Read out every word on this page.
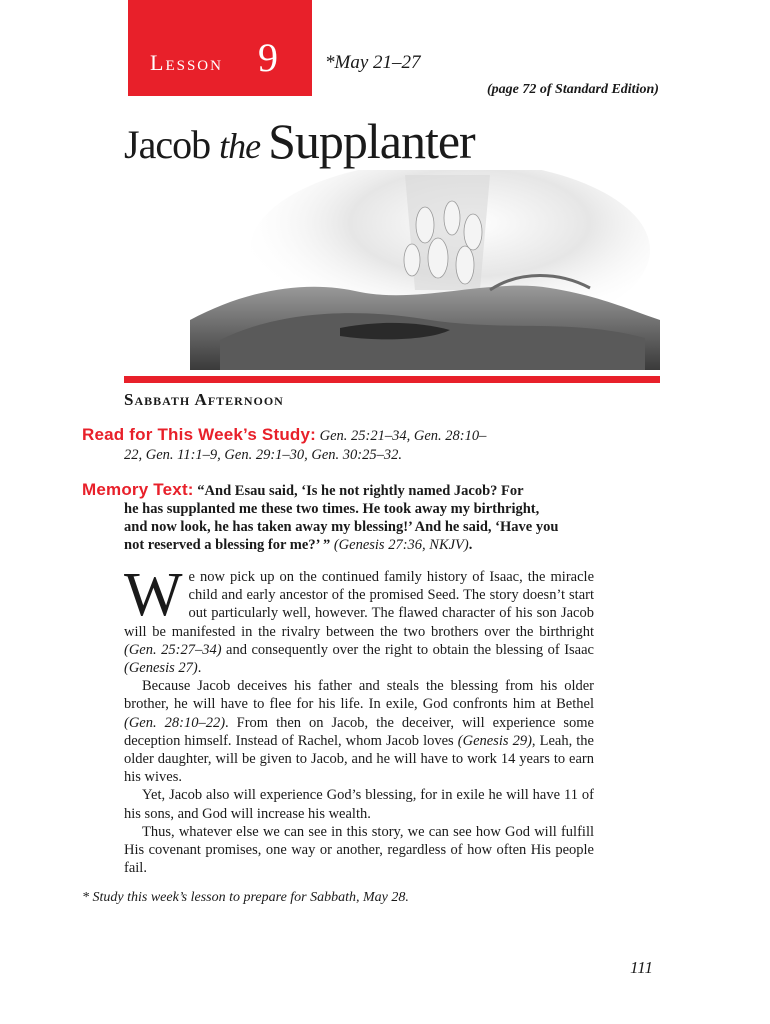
Lesson 9 *May 21–27
(page 72 of Standard Edition)
Jacob the Supplanter
Sabbath Afternoon
Read for This Week’s Study: Gen. 25:21–34, Gen. 28:10–
22, Gen. 11:1–9, Gen. 29:1–30, Gen. 30:25–32.
Memory Text: “And Esau said, ‘Is he not rightly named Jacob? For
he has supplanted me these two times. He took away my birthright,
and now look, he has taken away my blessing!’ And he said, ‘Have you
not reserved a blessing for me?’ ” (Genesis 27:36, NKJV).

We now pick up on the continued family history of Isaac, the miracle child and early ancestor of the promised Seed. The story doesn’t start out particularly well, however. The flawed character of his son Jacob will be manifested in the rivalry between the two brothers over the birthright (Gen. 25:27–34) and consequently over the right to obtain the blessing of Isaac (Genesis 27).

Because Jacob deceives his father and steals the blessing from his older brother, he will have to flee for his life. In exile, God confronts him at Bethel (Gen. 28:10–22). From then on Jacob, the deceiver, will experience some deception himself. Instead of Rachel, whom Jacob loves (Genesis 29), Leah, the older daughter, will be given to Jacob, and he will have to work 14 years to earn his wives.

Yet, Jacob also will experience God’s blessing, for in exile he will have 11 of his sons, and God will increase his wealth.

Thus, whatever else we can see in this story, we can see how God will fulfill His covenant promises, one way or another, regardless of how often His people fail.

* Study this week’s lesson to prepare for Sabbath, May 28.
111
